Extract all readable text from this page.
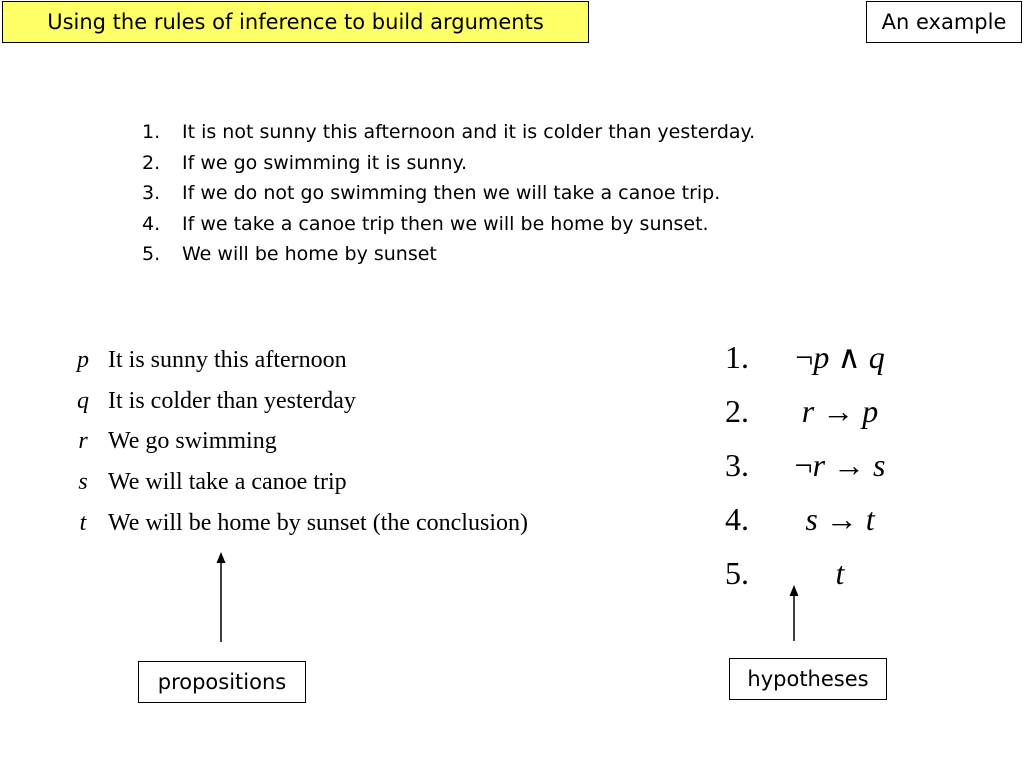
Using the rules of inference to build arguments	An example
1. It is not sunny this afternoon and it is colder than yesterday.
2. If we go swimming it is sunny.
3. If we do not go swimming then we will take a canoe trip.
4. If we take a canoe trip then we will be home by sunset.
5. We will be home by sunset
p It is sunny this afternoon
q It is colder than yesterday
r We go swimming
s We will take a canoe trip
t We will be home by sunset (the conclusion)
1. ¬p ∧ q
2. r → p
3. ¬r → s
4. s → t
5.	t
propositions	hypotheses
